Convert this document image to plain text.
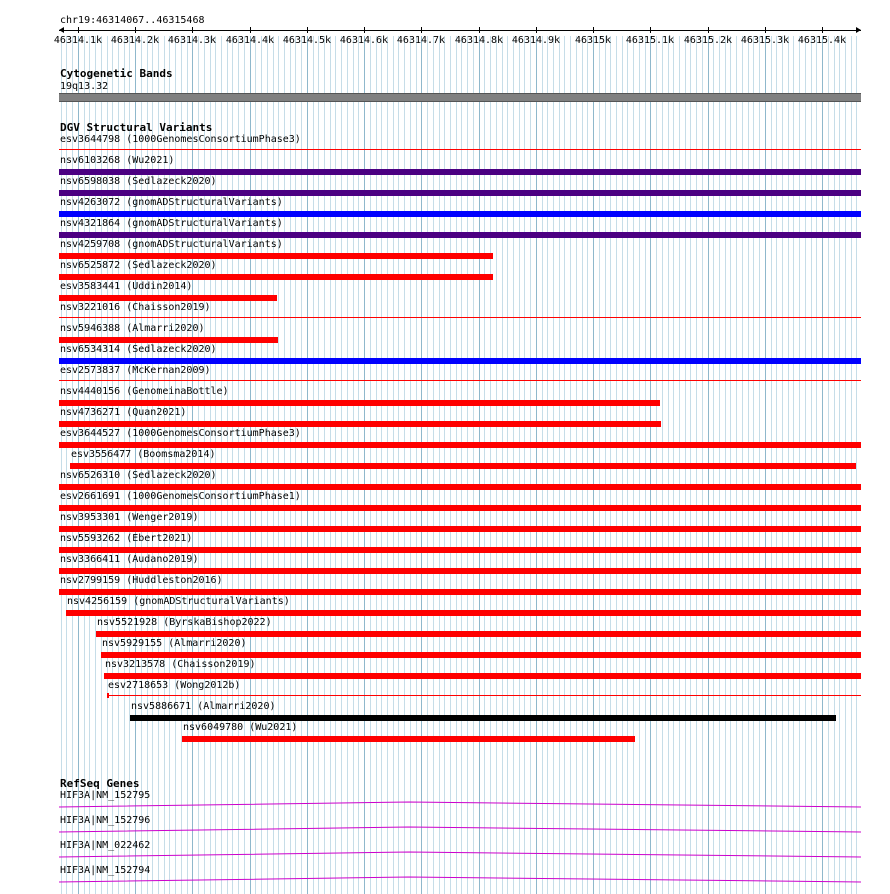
chr19:46314067..46315468
46314.1k 46314.2k 46314.3k 46314.4k 46314.5k 46314.6k 46314.7k 46314.8k 46314.9k 46315k 46315.1k 46315.2k 46315.3k 46315.4k
Cytogenetic Bands
19q13.32
DGV Structural Variants
esv3644798 (1000GenomesConsortiumPhase3)
nsv6103268 (Wu2021)
nsv6598038 (Sedlazeck2020)
nsv4263072 (gnomADStructuralVariants)
nsv4321864 (gnomADStructuralVariants)
nsv4259708 (gnomADStructuralVariants)
nsv6525872 (Sedlazeck2020)
esv3583441 (Uddin2014)
nsv3221016 (Chaisson2019)
nsv5946388 (Almarri2020)
nsv6534314 (Sedlazeck2020)
esv2573837 (McKernan2009)
nsv4440156 (GenomeinaBottle)
nsv4736271 (Quan2021)
esv3644527 (1000GenomesConsortiumPhase3)
esv3556477 (Boomsma2014)
nsv6526310 (Sedlazeck2020)
esv2661691 (1000GenomesConsortiumPhase1)
nsv3953301 (Wenger2019)
nsv5593262 (Ebert2021)
nsv3366411 (Audano2019)
nsv2799159 (Huddleston2016)
nsv4256159 (gnomADStructuralVariants)
nsv5521928 (ByrskaBishop2022)
nsv5929155 (Almarri2020)
nsv3213578 (Chaisson2019)
esv2718653 (Wong2012b)
nsv5886671 (Almarri2020)
nsv6049780 (Wu2021)
RefSeq Genes
HIF3A|NM_152795
HIF3A|NM_152796
HIF3A|NM_022462
HIF3A|NM_152794
